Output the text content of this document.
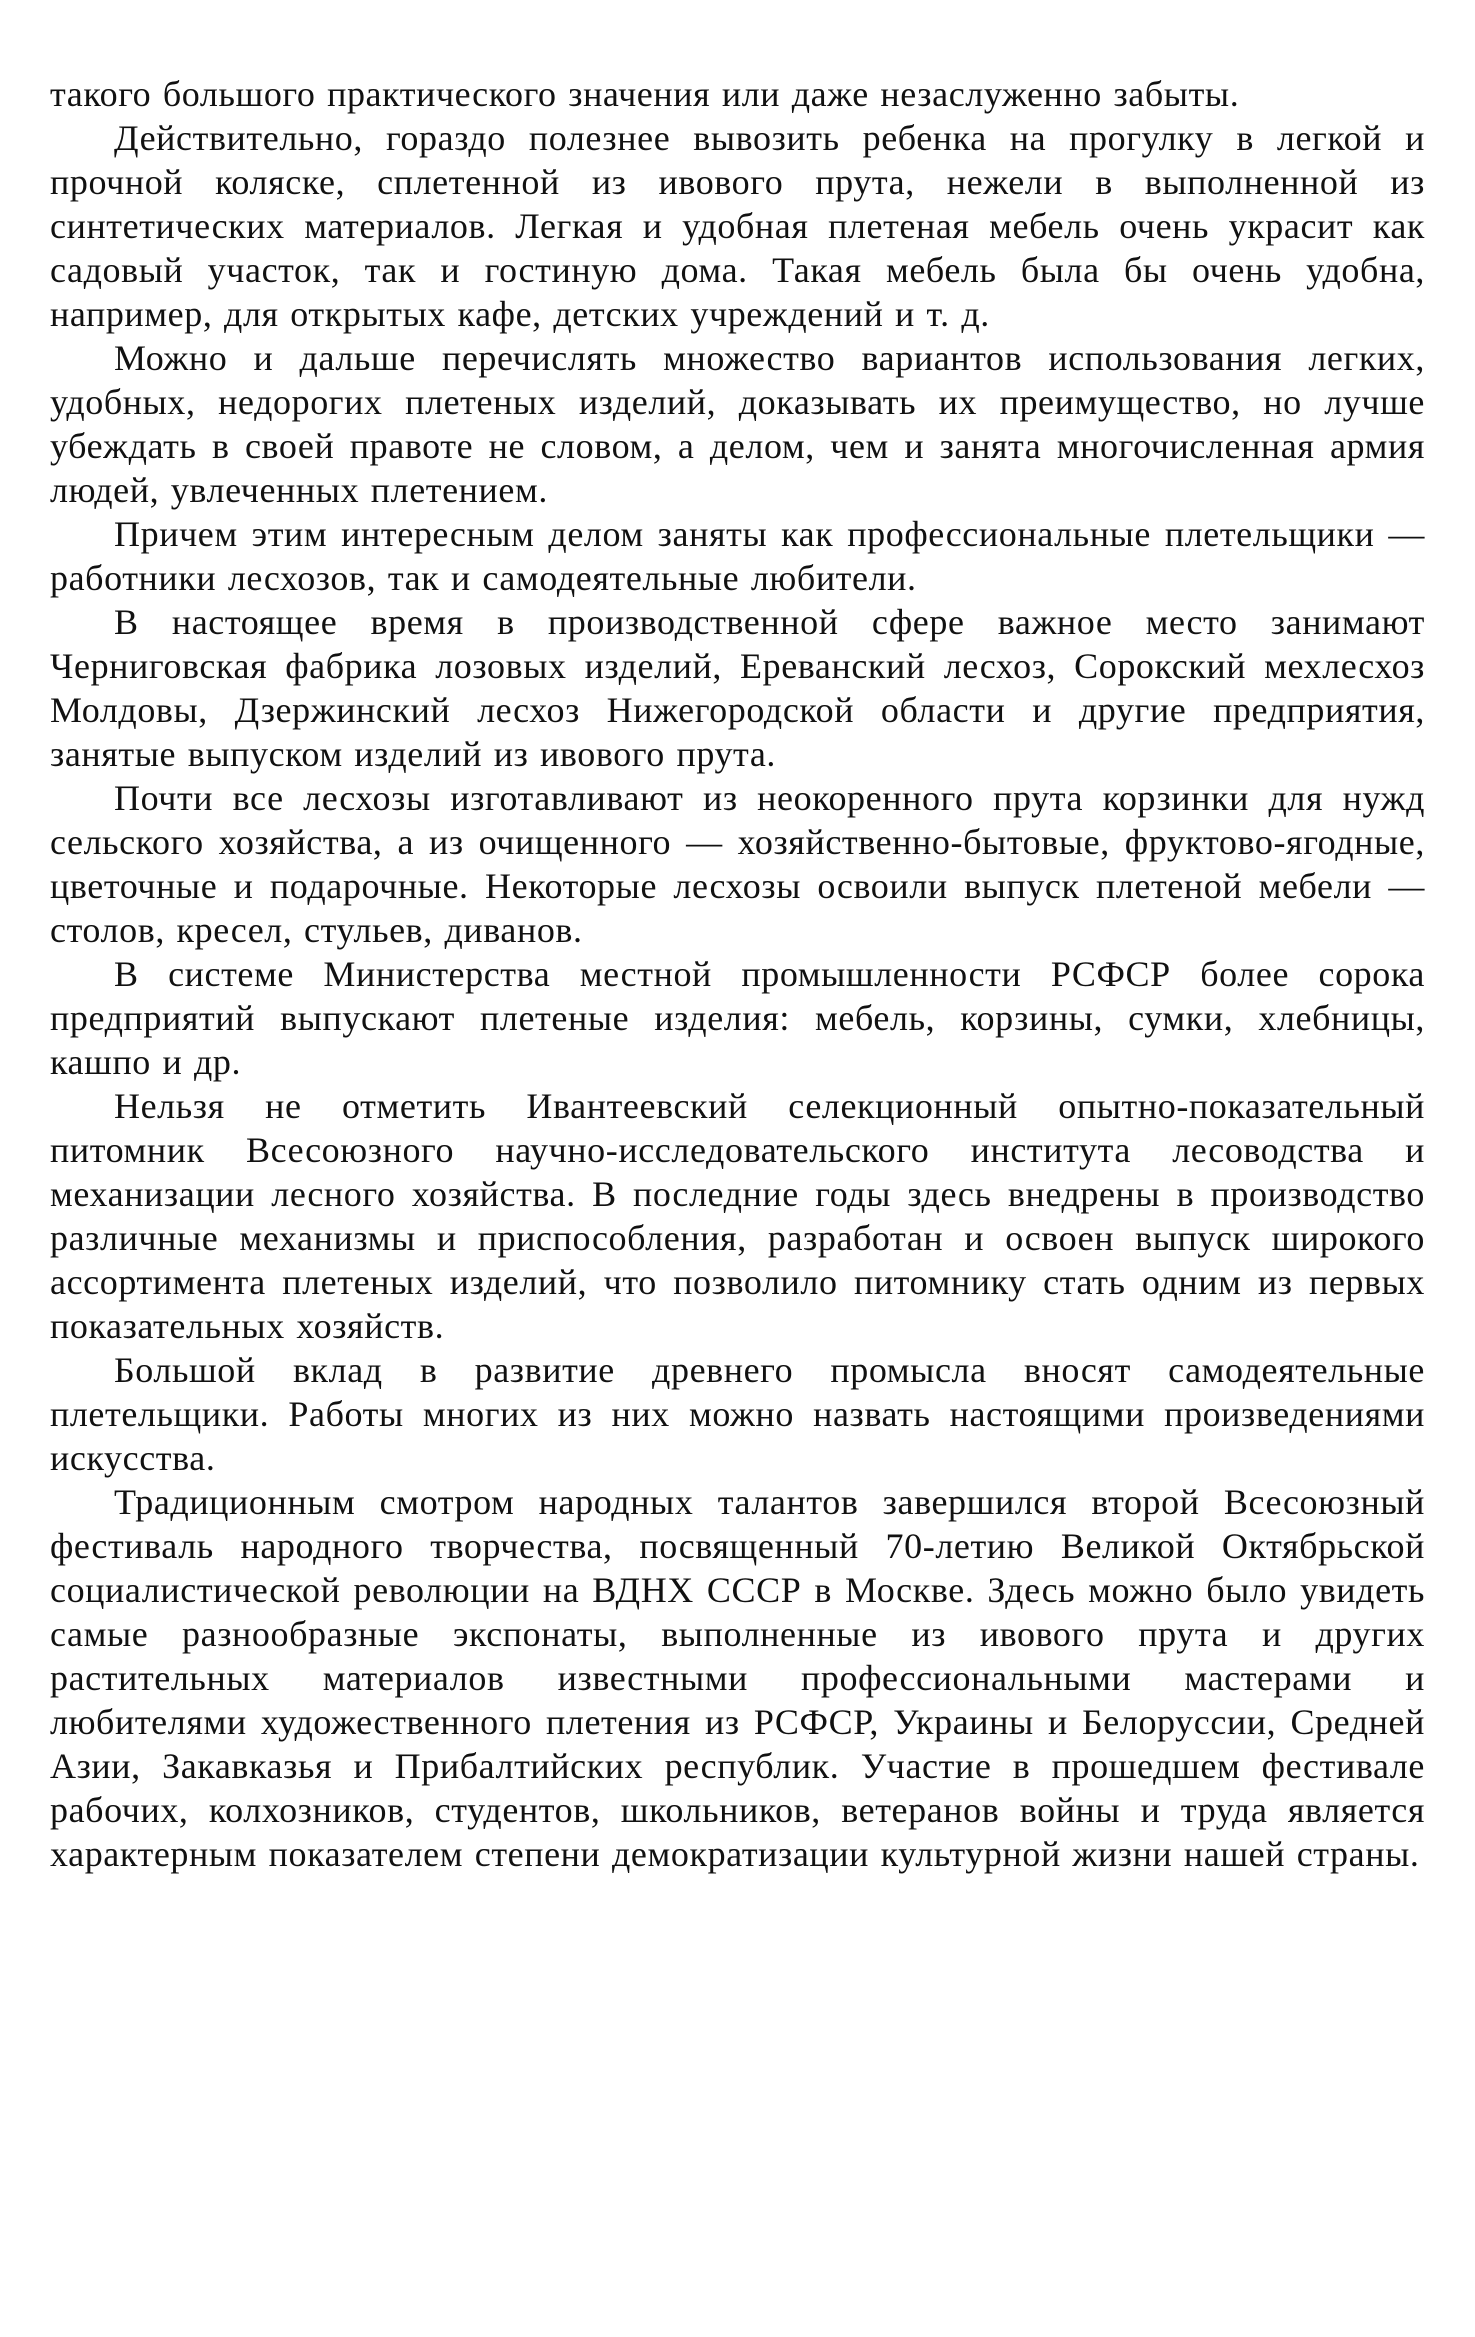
такого большого практического значения или даже незаслуженно забыты.

Действительно, гораздо полезнее вывозить ребенка на прогулку в легкой и прочной коляске, сплетенной из ивового прута, нежели в выполненной из синтетических материалов. Легкая и удобная плетеная мебель очень украсит как садовый участок, так и гостиную дома. Такая мебель была бы очень удобна, например, для открытых кафе, детских учреждений и т. д.

Можно и дальше перечислять множество вариантов использования легких, удобных, недорогих плетеных изделий, доказывать их преимущество, но лучше убеждать в своей правоте не словом, а делом, чем и занята многочисленная армия людей, увлеченных плетением.

Причем этим интересным делом заняты как профессиональные плетельщики — работники лесхозов, так и самодеятельные любители.

В настоящее время в производственной сфере важное место занимают Черниговская фабрика лозовых изделий, Ереванский лесхоз, Сорокский мехлесхоз Молдовы, Дзержинский лесхоз Нижегородской области и другие предприятия, занятые выпуском изделий из ивового прута.

Почти все лесхозы изготавливают из неокоренного прута корзинки для нужд сельского хозяйства, а из очищенного — хозяйственно-бытовые, фруктово-ягодные, цветочные и подарочные. Некоторые лесхозы освоили выпуск плетеной мебели — столов, кресел, стульев, диванов.

В системе Министерства местной промышленности РСФСР более сорока предприятий выпускают плетеные изделия: мебель, корзины, сумки, хлебницы, кашпо и др.

Нельзя не отметить Ивантеевский селекционный опытно-показательный питомник Всесоюзного научно-исследовательского института лесоводства и механизации лесного хозяйства. В последние годы здесь внедрены в производство различные механизмы и приспособления, разработан и освоен выпуск широкого ассортимента плетеных изделий, что позволило питомнику стать одним из первых показательных хозяйств.

Большой вклад в развитие древнего промысла вносят самодеятельные плетельщики. Работы многих из них можно назвать настоящими произведениями искусства.

Традиционным смотром народных талантов завершился второй Всесоюзный фестиваль народного творчества, посвященный 70-летию Великой Октябрьской социалистической революции на ВДНХ СССР в Москве. Здесь можно было увидеть самые разнообразные экспонаты, выполненные из ивового прута и других растительных материалов известными профессиональными мастерами и любителями художественного плетения из РСФСР, Украины и Белоруссии, Средней Азии, Закавказья и Прибалтийских республик. Участие в прошедшем фестивале рабочих, колхозников, студентов, школьников, ветеранов войны и труда является характерным показателем степени демократизации культурной жизни нашей страны.
